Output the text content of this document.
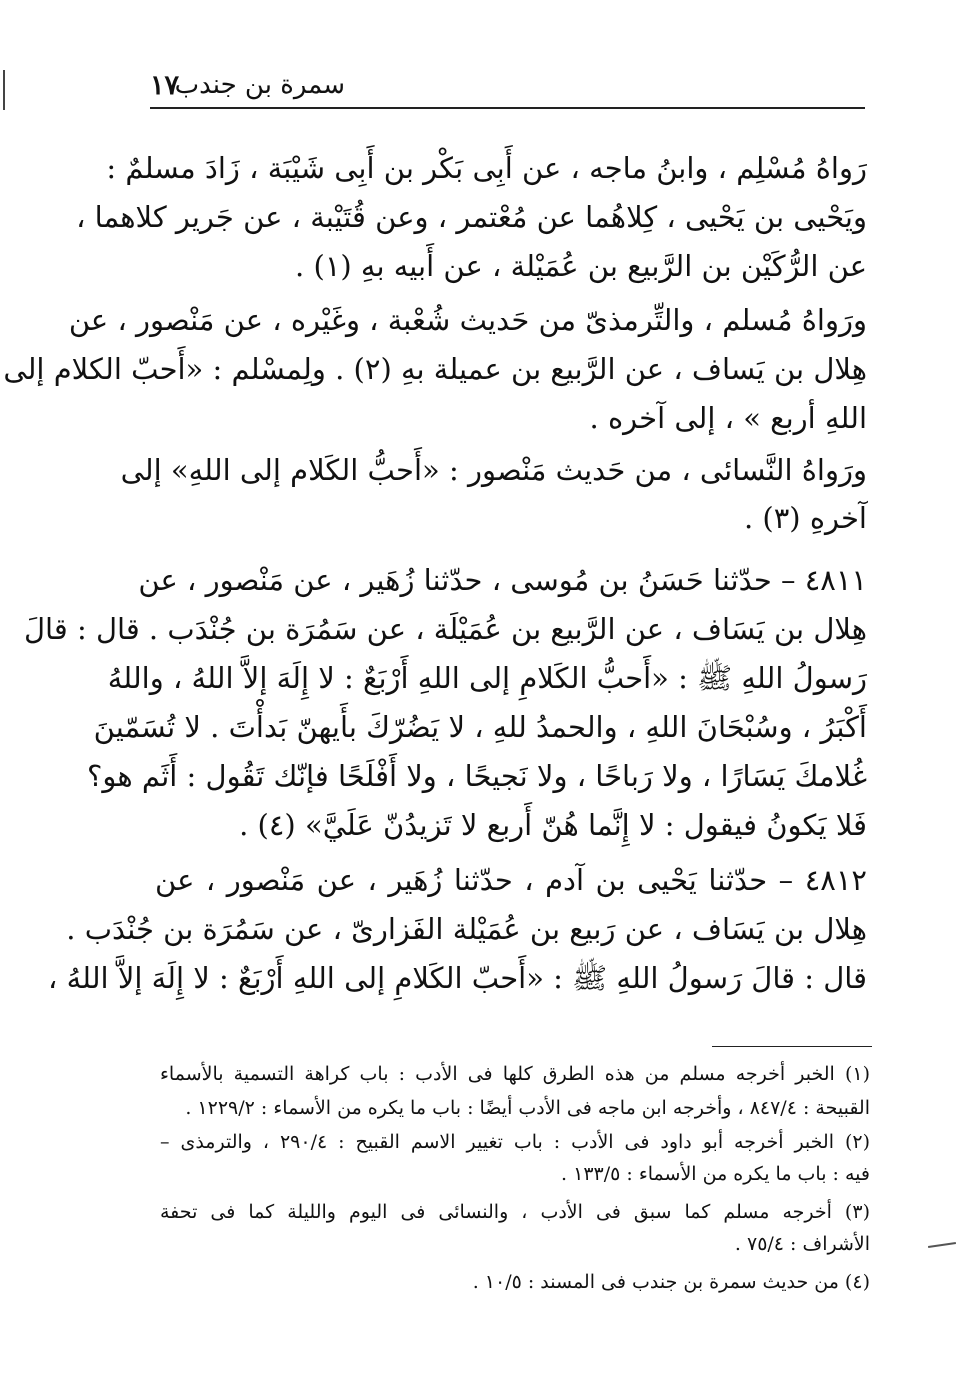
١٧
سمرة بن جندب
رَواهُ مُسْلِم ، وابنُ ماجه ، عن أَبِى بَكْر بن أَبِى شَيْبَة ، زَادَ مسلمٌ :
ويَحْيى بن يَحْيى ، كِلاهُما عن مُعْتمر ، وعن قُتَيْبة ، عن جَرير كلاهما ،
عن الرُّكَيْن بن الرَّبيع بن عُمَيْلة ، عن أَبيه بهِ (١) .
ورَواهُ مُسلم ، والتِّرمذىّ من حَديث شُعْبة ، وغَيْره ، عن مَنْصور ، عن
هِلال بن يَساف ، عن الرَّبيع بن عميلة بهِ (٢) . ولِمسْلم : «أَحبّ الكلام إلى
اللهِ أربع » ، إلى آخره .
ورَواهُ النَّسائى ، من حَديث مَنْصور : «أَحبُّ الكَلام إلى اللهِ» إلى
آخرهِ (٣) .
٤٨١١ – حدّثنا حَسَنُ بن مُوسى ، حدّثنا زُهَير ، عن مَنْصور ، عن
هِلال بن يَسَاف ، عن الرَّبيع بن عُمَيْلَة ، عن سَمُرَة بن جُنْدَب . قال : قالَ
رَسولُ اللهِ ﷺ : «أَحبُّ الكَلامِ إلى اللهِ أَرْبَعٌ : لا إِلَهَ إلاَّ اللهُ ، واللهُ
أَكْبَرُ ، وسُبْحَانَ اللهِ ، والحمدُ للهِ ، لا يَضُرّكَ بأَيهنّ بَدأْتَ . لا تُسَمّينَ
غُلامكَ يَسَارًا ، ولا رَباحًا ، ولا نَجيحًا ، ولا أَفْلَحًا فإنّك تَقُول : أَثَم هو؟
فَلا يَكونُ فيقول : لا إِنَّما هُنّ أَربع لا تَزيدُنّ عَلَيَّ» (٤) .
٤٨١٢ – حدّثنا يَحْيى بن آدم ، حدّثنا زُهَير ، عن مَنْصور ، عن
هِلال بن يَسَاف ، عن رَبيع بن عُمَيْلة الفَزارىّ ، عن سَمُرَة بن جُنْدَب .
قال : قالَ رَسولُ اللهِ ﷺ : «أَحبّ الكَلامِ إلى اللهِ أَرْبَعٌ : لا إِلَهَ إلاَّ اللهُ ،
(١) الخبر أخرجه مسلم من هذه الطرق كلها فى الأدب : باب كراهة التسمية بالأسماء
القبيحة : ٨٤٧/٤ ، وأخرجه ابن ماجه فى الأدب أيضًا : باب ما يكره من الأسماء : ١٢٢٩/٢ .
(٢) الخبر أخرجه أبو داود فى الأدب : باب تغيير الاسم القبيح : ٢٩٠/٤ ، والترمذى –
فيه : باب ما يكره من الأسماء : ١٣٣/٥ .
(٣) أخرجه مسلم كما سبق فى الأدب ، والنسائى فى اليوم والليلة كما فى تحفة
الأشراف : ٧٥/٤ .
(٤) من حديث سمرة بن جندب فى المسند : ١٠/٥ .
